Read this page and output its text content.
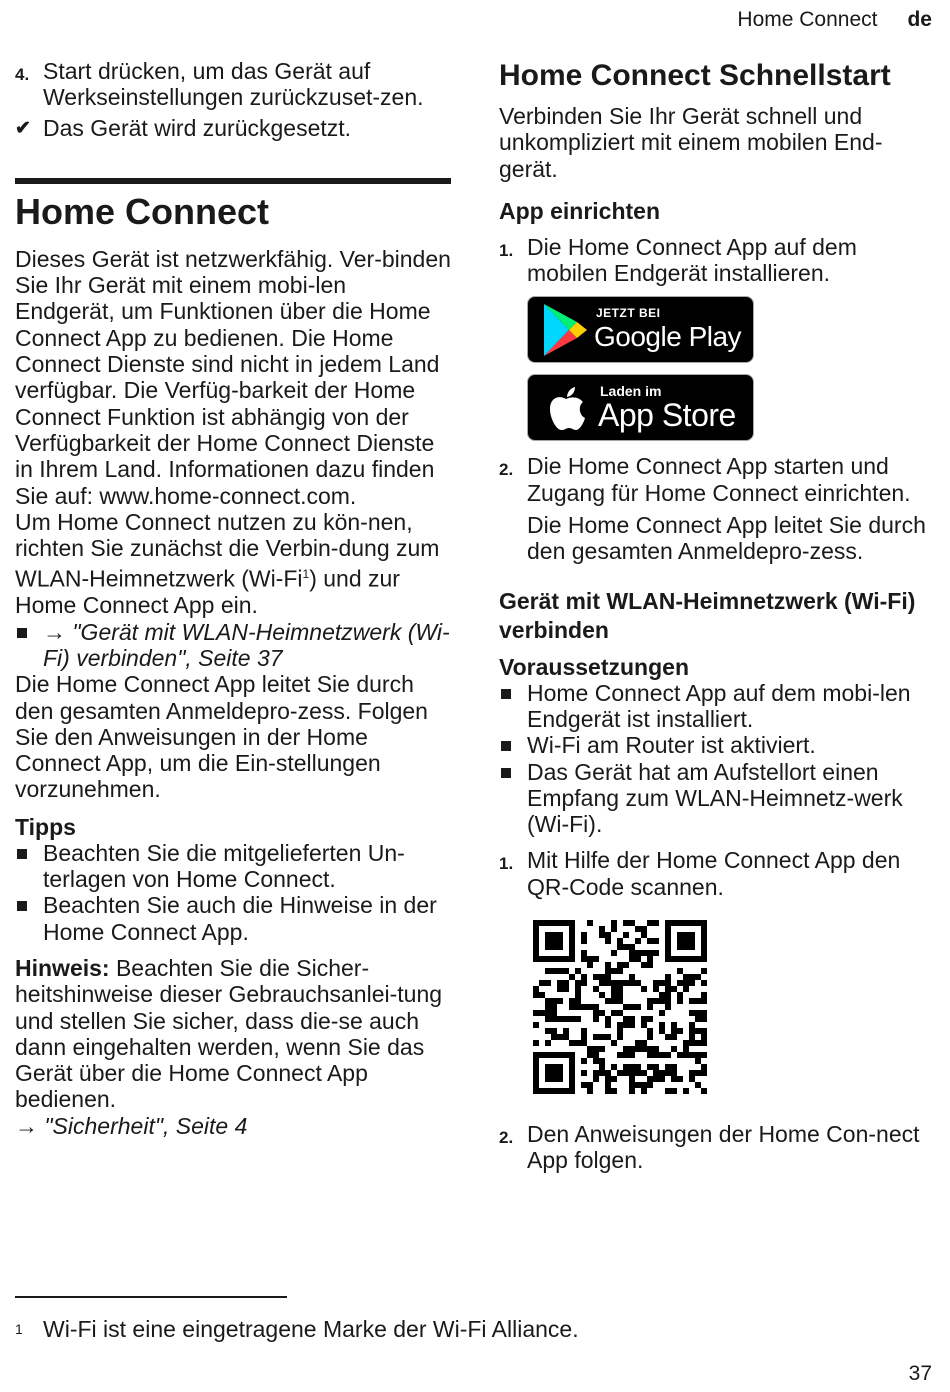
Home Connect de
4. Start drücken, um das Gerät auf Werkseinstellungen zurückzuset-zen.
✔ Das Gerät wird zurückgesetzt.
Home Connect

Dieses Gerät ist netzwerkfähig. Ver-binden Sie Ihr Gerät mit einem mobi-len Endgerät, um Funktionen über die Home Connect App zu bedienen. Die Home Connect Dienste sind nicht in jedem Land verfügbar. Die Verfüg-barkeit der Home Connect Funktion ist abhängig von der Verfügbarkeit der Home Connect Dienste in Ihrem Land. Informationen dazu finden Sie auf: www.home-connect.com.

Um Home Connect nutzen zu kön-nen, richten Sie zunächst die Verbin-dung zum WLAN-Heimnetzwerk (Wi-Fi$^1$) und zur Home Connect App ein.

→ "Gerät mit WLAN-Heimnetzwerk (Wi-Fi) verbinden", Seite 37

Die Home Connect App leitet Sie durch den gesamten Anmeldepro-zess. Folgen Sie den Anweisungen in der Home Connect App, um die Ein-stellungen vorzunehmen.

Tipps
Beachten Sie die mitgelieferten Un-terlagen von Home Connect.
Beachten Sie auch die Hinweise in der Home Connect App.

Hinweis: Beachten Sie die Sicher-heitshinweise dieser Gebrauchsanlei-tung und stellen Sie sicher, dass die-se auch dann eingehalten werden, wenn Sie das Gerät über die Home Connect App bedienen.

→ "Sicherheit", Seite 4

Home Connect Schnellstart

Verbinden Sie Ihr Gerät schnell und unkompliziert mit einem mobilen End-gerät.

App einrichten
1. Die Home Connect App auf dem mobilen Endgerät installieren.
JETZT BEI
Google Play
Laden im
App Store
2. Die Home Connect App starten und Zugang für Home Connect einrichten.

Die Home Connect App leitet Sie durch den gesamten Anmeldepro-zess.

Gerät mit WLAN-Heimnetzwerk (Wi-Fi) verbinden
Voraussetzungen
Home Connect App auf dem mobi-len Endgerät ist installiert.
Wi-Fi am Router ist aktiviert.
Das Gerät hat am Aufstellort einen Empfang zum WLAN-Heimnetz-werk (Wi-Fi).
1. Mit Hilfe der Home Connect App den QR-Code scannen.
2. Den Anweisungen der Home Con-nect App folgen.
1 Wi-Fi ist eine eingetragene Marke der Wi-Fi Alliance.
37
